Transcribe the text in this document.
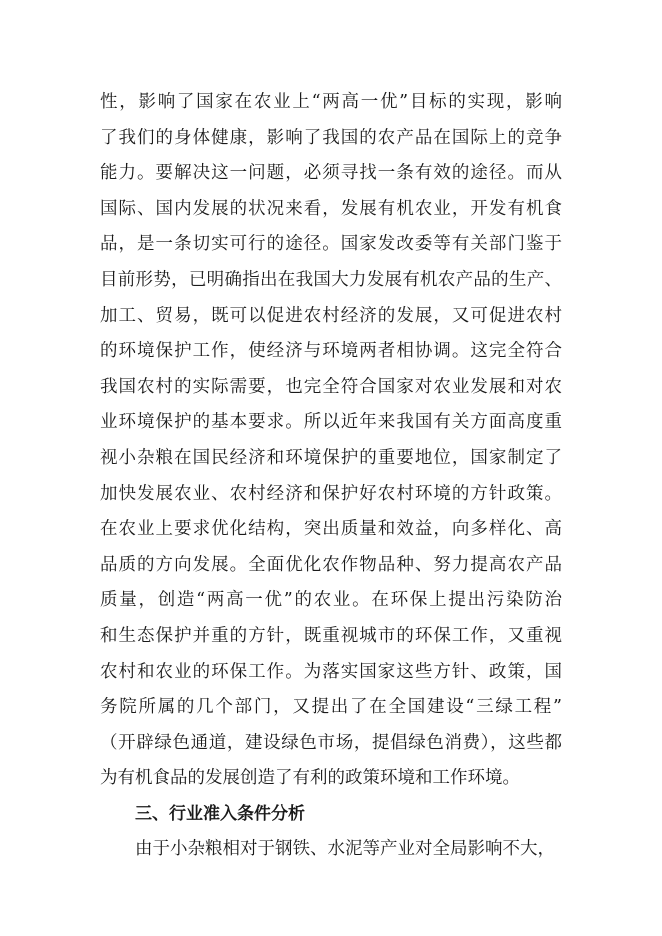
性，影响了国家在农业上“两高一优”目标的实现，影响
了我们的身体健康，影响了我国的农产品在国际上的竞争
能力。要解决这一问题，必须寻找一条有效的途径。而从
国际、国内发展的状况来看，发展有机农业，开发有机食
品，是一条切实可行的途径。国家发改委等有关部门鉴于
目前形势，已明确指出在我国大力发展有机农产品的生产、
加工、贸易，既可以促进农村经济的发展，又可促进农村
的环境保护工作，使经济与环境两者相协调。这完全符合
我国农村的实际需要，也完全符合国家对农业发展和对农
业环境保护的基本要求。所以近年来我国有关方面高度重
视小杂粮在国民经济和环境保护的重要地位，国家制定了
加快发展农业、农村经济和保护好农村环境的方针政策。
在农业上要求优化结构，突出质量和效益，向多样化、高
品质的方向发展。全面优化农作物品种、努力提高农产品
质量，创造“两高一优”的农业。在环保上提出污染防治
和生态保护并重的方针，既重视城市的环保工作，又重视
农村和农业的环保工作。为落实国家这些方针、政策，国
务院所属的几个部门，又提出了在全国建设“三绿工程”
（开辟绿色通道，建设绿色市场，提倡绿色消费），这些都
为有机食品的发展创造了有利的政策环境和工作环境。
三、行业准入条件分析
由于小杂粮相对于钢铁、水泥等产业对全局影响不大，
